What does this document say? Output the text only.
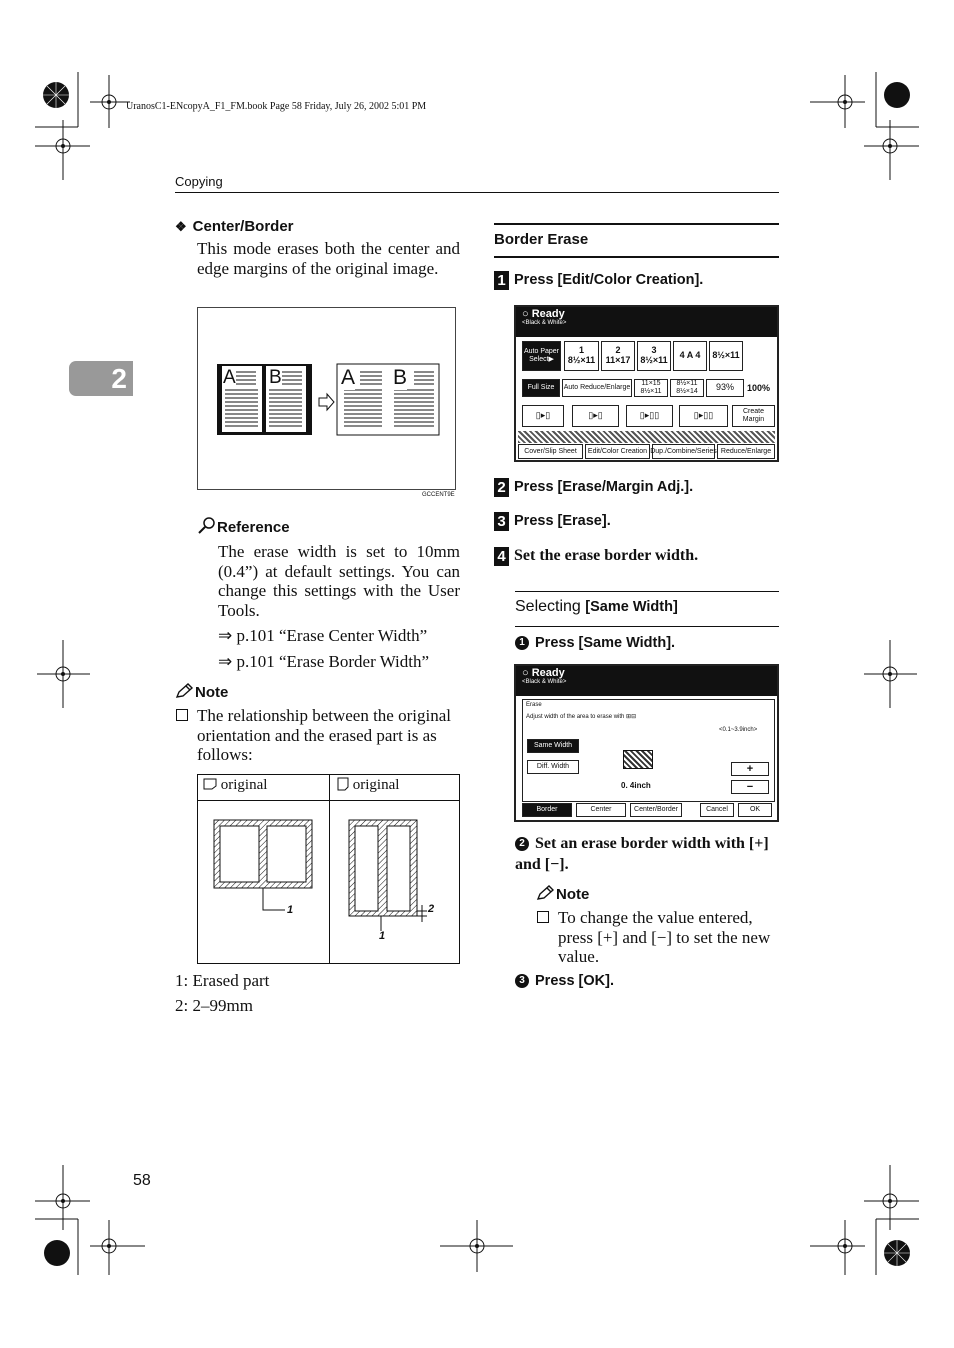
UranosC1-ENcopyA_F1_FM.book Page 58 Friday, July 26, 2002 5:01 PM
Copying
2
❖ Center/Border
This mode erases both the center and edge margins of the original image.
A B	A B
GCCENT9E
Reference
The erase width is set to 10mm (0.4”) at default settings. You can change this settings with the User Tools.
⇒ p.101 “Erase Center Width”
⇒ p.101 “Erase Border Width”
Note
The relationship between the original orientation and the erased part is as follows:
original	original
1
1
2
1: Erased part
2: 2–99mm
Border Erase
1 Press [Edit/Color Creation].
○ Ready
<Black & White>
Auto Paper Select▶
1 8½×11
2 11×17
3 8½×11	4 A 4	8½×11
Full Size	Auto Reduce/Enlarge
11×15 8½×11
8½×11 8½×14	93%	100%
▯▸▯	▯▸▯	▯▸▯▯	▯▸▯▯	Create Margin
Cover/Slip Sheet	Edit/Color Creation Dup./Combine/Series Reduce/Enlarge
2 Press [Erase/Margin Adj.].
3 Press [Erase].
4 Set the erase border width.
Selecting [Same Width]
1 Press [Same Width].
○ Ready
<Black & White>
Erase
Adjust width of the area to erase with ⊞⊟
<0.1~3.9inch>
Same Width
Diff. Width
0. 4inch
+
−
Border	Center	Center/Border	Cancel	OK
2 Set an erase border width with [+] and [−].
Note
To change the value entered, press [+] and [−] to set the new value.
3 Press [OK].
58
